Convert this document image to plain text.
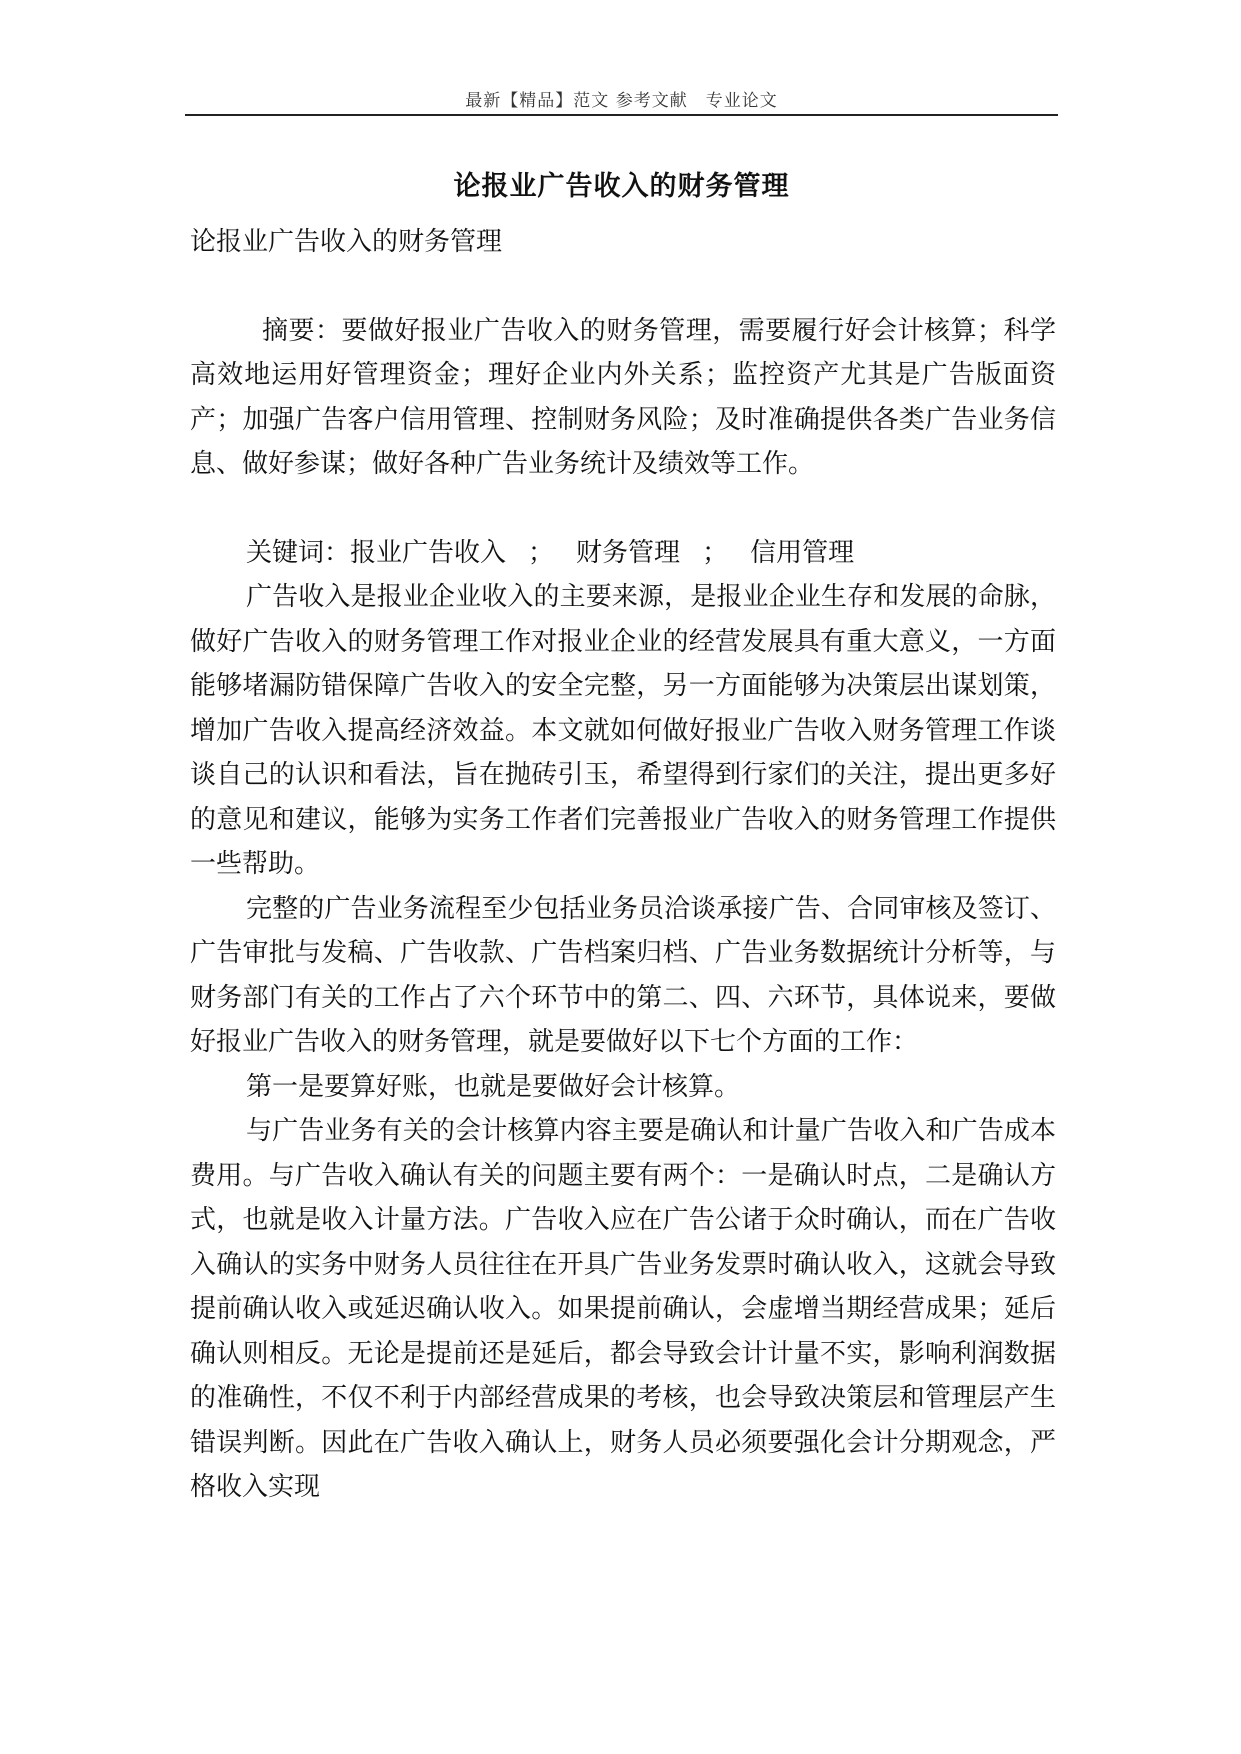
最新【精品】范文 参考文献　专业论文
论报业广告收入的财务管理

论报业广告收入的财务管理

摘要：要做好报业广告收入的财务管理，需要履行好会计核算；科学高效地运用好管理资金；理好企业内外关系；监控资产尤其是广告版面资产；加强广告客户信用管理、控制财务风险；及时准确提供各类广告业务信息、做好参谋；做好各种广告业务统计及绩效等工作。

关键词：报业广告收入 ； 财务管理 ； 信用管理

广告收入是报业企业收入的主要来源，是报业企业生存和发展的命脉，做好广告收入的财务管理工作对报业企业的经营发展具有重大意义，一方面能够堵漏防错保障广告收入的安全完整，另一方面能够为决策层出谋划策，增加广告收入提高经济效益。本文就如何做好报业广告收入财务管理工作谈谈自己的认识和看法，旨在抛砖引玉，希望得到行家们的关注，提出更多好的意见和建议，能够为实务工作者们完善报业广告收入的财务管理工作提供一些帮助。

完整的广告业务流程至少包括业务员洽谈承接广告、合同审核及签订、广告审批与发稿、广告收款、广告档案归档、广告业务数据统计分析等，与财务部门有关的工作占了六个环节中的第二、四、六环节，具体说来，要做好报业广告收入的财务管理，就是要做好以下七个方面的工作：

第一是要算好账，也就是要做好会计核算。

与广告业务有关的会计核算内容主要是确认和计量广告收入和广告成本费用。与广告收入确认有关的问题主要有两个：一是确认时点，二是确认方式，也就是收入计量方法。广告收入应在广告公诸于众时确认，而在广告收入确认的实务中财务人员往往在开具广告业务发票时确认收入，这就会导致提前确认收入或延迟确认收入。如果提前确认，会虚增当期经营成果；延后确认则相反。无论是提前还是延后，都会导致会计计量不实，影响利润数据的准确性，不仅不利于内部经营成果的考核，也会导致决策层和管理层产生错误判断。因此在广告收入确认上，财务人员必须要强化会计分期观念，严格收入实现
